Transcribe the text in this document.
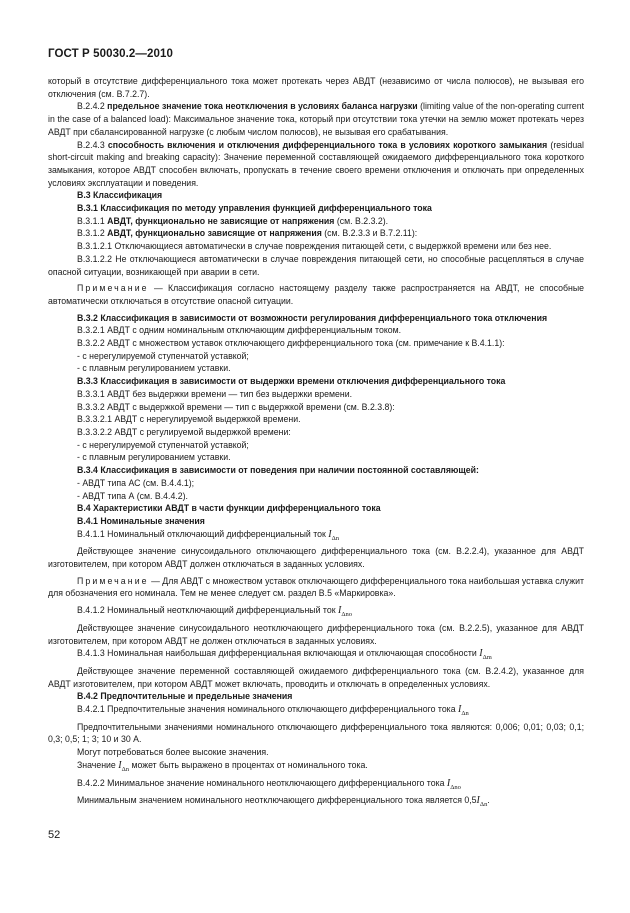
ГОСТ Р 50030.2—2010

который в отсутствие дифференциального тока может протекать через АВДТ (независимо от числа полюсов), не вызывая его отключения (см. В.7.2.7).

В.2.4.2 предельное значение тока неотключения в условиях баланса нагрузки (limiting value of the non-operating current in the case of a balanced load): Максимальное значение тока, который при отсутствии тока утечки на землю может протекать через АВДТ при сбалансированной нагрузке (с любым числом полюсов), не вызывая его срабатывания.

В.2.4.3 способность включения и отключения дифференциального тока в условиях короткого замыкания (residual short-circuit making and breaking capacity): Значение переменной составляющей ожидаемого дифференциального тока короткого замыкания, которое АВДТ способен включать, пропускать в течение своего времени отключения и отключать при определенных условиях эксплуатации и поведения.

В.3 Классификация

В.3.1 Классификация по методу управления функцией дифференциального тока

В.3.1.1 АВДТ, функционально не зависящие от напряжения (см. В.2.3.2).

В.3.1.2 АВДТ, функционально зависящие от напряжения (см. В.2.3.3 и В.7.2.11):

В.3.1.2.1 Отключающиеся автоматически в случае повреждения питающей сети, с выдержкой времени или без нее.

В.3.1.2.2 Не отключающиеся автоматически в случае повреждения питающей сети, но способные расцепляться в случае опасной ситуации, возникающей при аварии в сети.

Примечание — Классификация согласно настоящему разделу также распространяется на АВДТ, не способные автоматически отключаться в отсутствие опасной ситуации.

В.3.2 Классификация в зависимости от возможности регулирования дифференциального тока отключения

В.3.2.1 АВДТ с одним номинальным отключающим дифференциальным током.

В.3.2.2 АВДТ с множеством уставок отключающего дифференциального тока (см. примечание к В.4.1.1):

- с нерегулируемой ступенчатой уставкой;

- с плавным регулированием уставки.

В.3.3 Классификация в зависимости от выдержки времени отключения дифференциального тока

В.3.3.1 АВДТ без выдержки времени — тип без выдержки времени.

В.3.3.2 АВДТ с выдержкой времени — тип с выдержкой времени (см. В.2.3.8):

В.3.3.2.1 АВДТ с нерегулируемой выдержкой времени.

В.3.3.2.2 АВДТ с регулируемой выдержкой времени:

- с нерегулируемой ступенчатой уставкой;

- с плавным регулированием уставки.

В.3.4 Классификация в зависимости от поведения при наличии постоянной составляющей:

- АВДТ типа АС (см. В.4.4.1);

- АВДТ типа А (см. В.4.4.2).

В.4 Характеристики АВДТ в части функции дифференциального тока

В.4.1 Номинальные значения

В.4.1.1 Номинальный отключающий дифференциальный ток $I_{\Delta n}$

Действующее значение синусоидального отключающего дифференциального тока (см. В.2.2.4), указанное для АВДТ изготовителем, при котором АВДТ должен отключаться в заданных условиях.

Примечание — Для АВДТ с множеством уставок отключающего дифференциального тока наибольшая уставка служит для обозначения его номинала. Тем не менее следует см. раздел В.5 «Маркировка».

В.4.1.2 Номинальный неотключающий дифференциальный ток $I_{\Delta no}$

Действующее значение синусоидального неотключающего дифференциального тока (см. В.2.2.5), указанное для АВДТ изготовителем, при котором АВДТ не должен отключаться в заданных условиях.

В.4.1.3 Номинальная наибольшая дифференциальная включающая и отключающая способности $I_{\Delta m}$

Действующее значение переменной составляющей ожидаемого дифференциального тока (см. В.2.4.2), указанное для АВДТ изготовителем, при котором АВДТ может включать, проводить и отключать в определенных условиях.

В.4.2 Предпочтительные и предельные значения

В.4.2.1 Предпочтительные значения номинального отключающего дифференциального тока $I_{\Delta n}$

Предпочтительными значениями номинального отключающего дифференциального тока являются: 0,006; 0,01; 0,03; 0,1; 0,3; 0,5; 1; 3; 10 и 30 А.

Могут потребоваться более высокие значения.

Значение $I_{\Delta n}$ может быть выражено в процентах от номинального тока.

В.4.2.2 Минимальное значение номинального неотключающего дифференциального тока $I_{\Delta no}$

Минимальным значением номинального неотключающего дифференциального тока является $0,5I_{\Delta n}$.

52
